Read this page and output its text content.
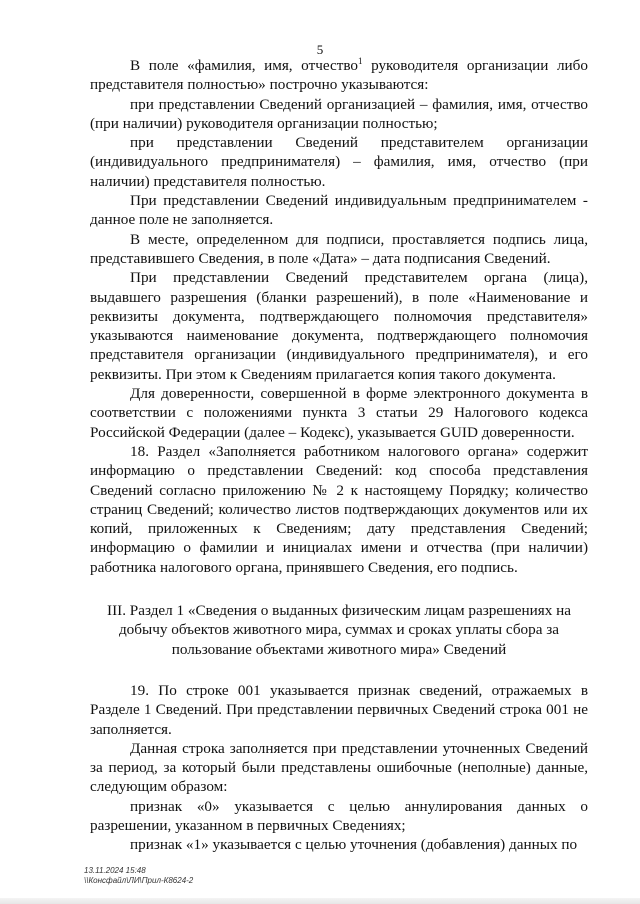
5

В поле «фамилия, имя, отчество$^1$ руководителя организации либо представителя полностью» построчно указываются:

при представлении Сведений организацией – фамилия, имя, отчество (при наличии) руководителя организации полностью;

при представлении Сведений представителем организации (индивидуального предпринимателя) – фамилия, имя, отчество (при наличии) представителя полностью.

При представлении Сведений индивидуальным предпринимателем - данное поле не заполняется.

В месте, определенном для подписи, проставляется подпись лица, представившего Сведения, в поле «Дата» – дата подписания Сведений.

При представлении Сведений представителем органа (лица), выдавшего разрешения (бланки разрешений), в поле «Наименование и реквизиты документа, подтверждающего полномочия представителя» указываются наименование документа, подтверждающего полномочия представителя организации (индивидуального предпринимателя), и его реквизиты. При этом к Сведениям прилагается копия такого документа.

Для доверенности, совершенной в форме электронного документа в соответствии с положениями пункта 3 статьи 29 Налогового кодекса Российской Федерации (далее – Кодекс), указывается GUID доверенности.

18. Раздел «Заполняется работником налогового органа» содержит информацию о представлении Сведений: код способа представления Сведений согласно приложению № 2 к настоящему Порядку; количество страниц Сведений; количество листов подтверждающих документов или их копий, приложенных к Сведениям; дату представления Сведений; информацию о фамилии и инициалах имени и отчества (при наличии) работника налогового органа, принявшего Сведения, его подпись.

III. Раздел 1 «Сведения о выданных физическим лицам разрешениях на добычу объектов животного мира, суммах и сроках уплаты сбора за пользование объектами животного мира» Сведений

19. По строке 001 указывается признак сведений, отражаемых в Разделе 1 Сведений. При представлении первичных Сведений строка 001 не заполняется.

Данная строка заполняется при представлении уточненных Сведений за период, за который были представлены ошибочные (неполные) данные, следующим образом:

признак «0» указывается с целью аннулирования данных о разрешении, указанном в первичных Сведениях;

признак «1» указывается с целью уточнения (добавления) данных по

13.11.2024 15:48
\\Консфайл\ЛИ\Прил-К8624-2
